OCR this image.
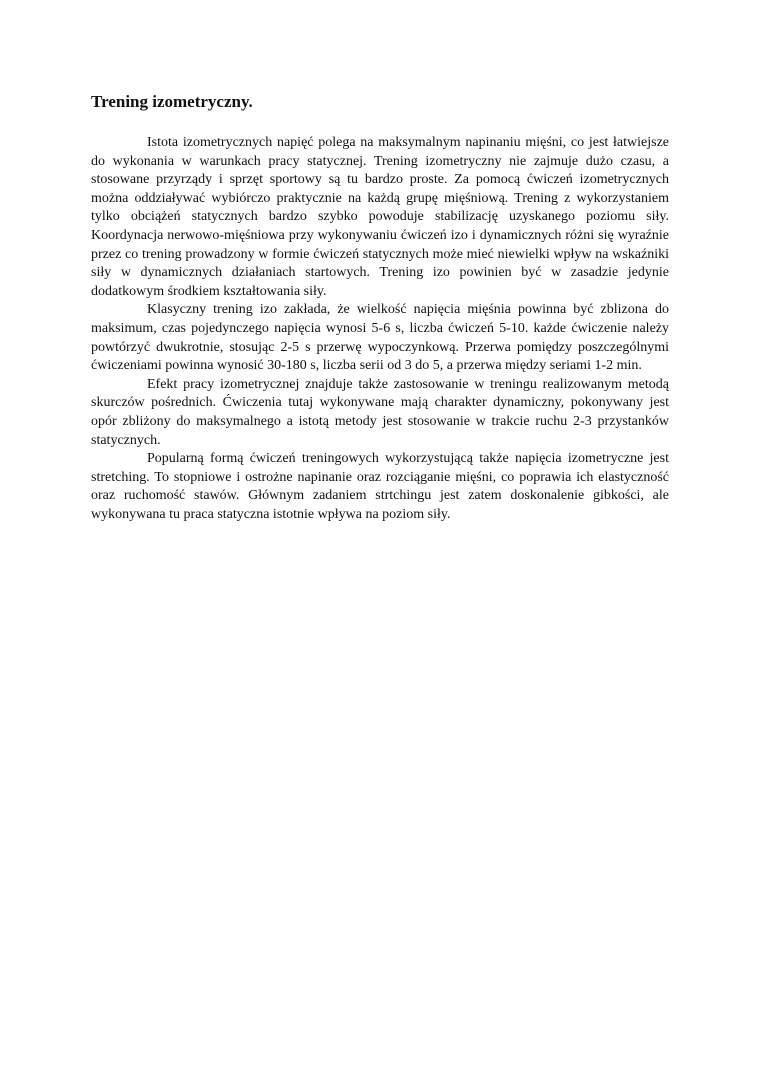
Trening izometryczny.

Istota izometrycznych napięć polega na maksymalnym napinaniu mięśni, co jest łatwiejsze do wykonania w warunkach pracy statycznej. Trening izometryczny nie zajmuje dużo czasu, a stosowane przyrządy i sprzęt sportowy są tu bardzo proste. Za pomocą ćwiczeń izometrycznych można oddziaływać wybiórczo praktycznie na każdą grupę mięśniową. Trening z wykorzystaniem tylko obciążeń statycznych bardzo szybko powoduje stabilizację uzyskanego poziomu siły. Koordynacja nerwowo-mięśniowa przy wykonywaniu ćwiczeń izo i dynamicznych różni się wyraźnie przez co trening prowadzony w formie ćwiczeń statycznych może mieć niewielki wpływ na wskaźniki siły w dynamicznych działaniach startowych. Trening izo powinien być w zasadzie jedynie dodatkowym środkiem kształtowania siły.

Klasyczny trening izo zakłada, że wielkość napięcia mięśnia powinna być zblizona do maksimum, czas pojedynczego napięcia wynosi 5-6 s, liczba ćwiczeń 5-10. każde ćwiczenie należy powtórzyć dwukrotnie, stosując 2-5 s przerwę wypoczynkową. Przerwa pomiędzy poszczególnymi ćwiczeniami powinna wynosić 30-180 s, liczba serii od 3 do 5, a przerwa między seriami 1-2 min.

Efekt pracy izometrycznej znajduje także zastosowanie w treningu realizowanym metodą skurczów pośrednich. Ćwiczenia tutaj wykonywane mają charakter dynamiczny, pokonywany jest opór zbliżony do maksymalnego a istotą metody jest stosowanie w trakcie ruchu 2-3 przystanków statycznych.

Popularną formą ćwiczeń treningowych wykorzystującą także napięcia izometryczne jest stretching. To stopniowe i ostrożne napinanie oraz rozciąganie mięśni, co poprawia ich elastyczność oraz ruchomość stawów. Głównym zadaniem strtchingu jest zatem doskonalenie gibkości, ale wykonywana tu praca statyczna istotnie wpływa na poziom siły.
